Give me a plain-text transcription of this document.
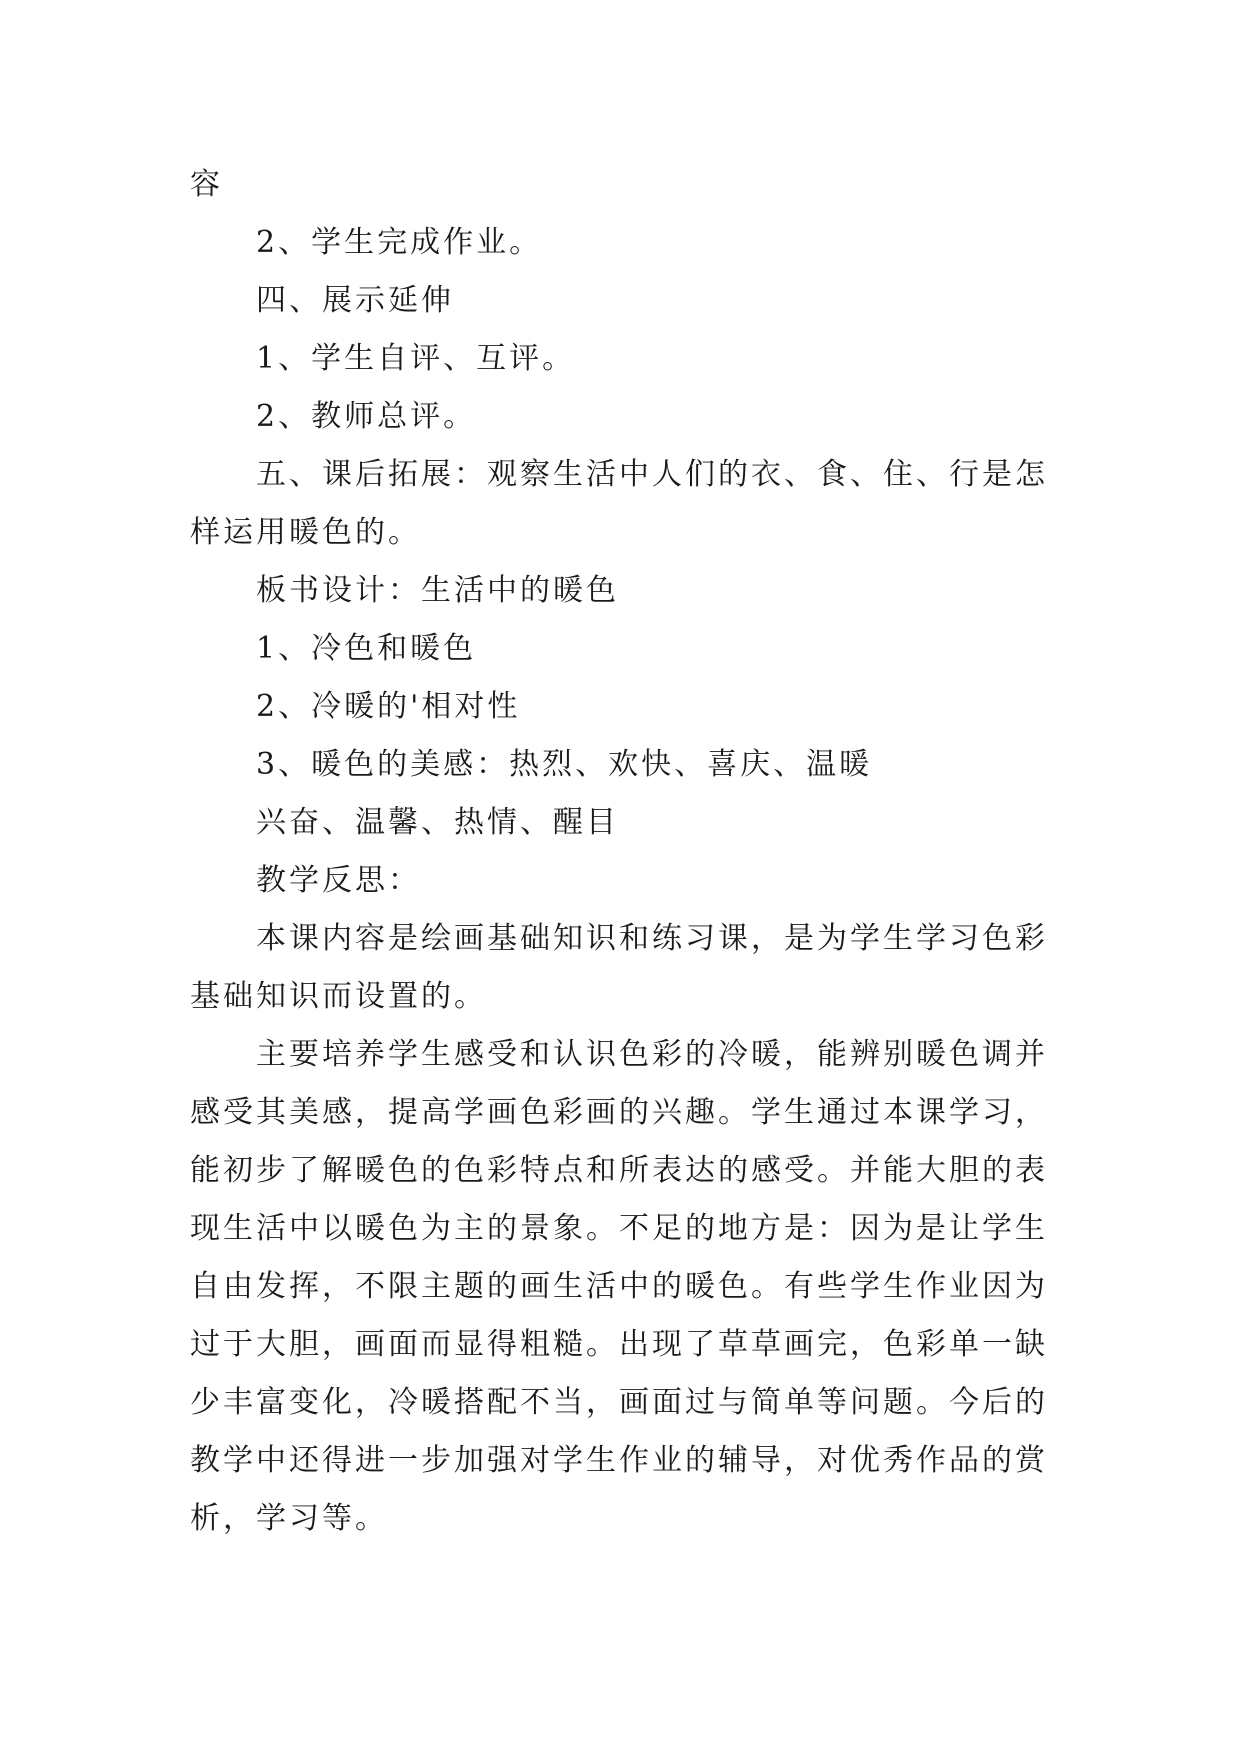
容
2、学生完成作业。
四、展示延伸
1、学生自评、互评。
2、教师总评。
五、课后拓展：观察生活中人们的衣、食、住、行是怎
样运用暖色的。
板书设计：生活中的暖色
1、冷色和暖色
2、冷暖的'相对性
3、暖色的美感：热烈、欢快、喜庆、温暖
兴奋、温馨、热情、醒目
教学反思：
本课内容是绘画基础知识和练习课，是为学生学习色彩
基础知识而设置的。
主要培养学生感受和认识色彩的冷暖，能辨别暖色调并
感受其美感，提高学画色彩画的兴趣。学生通过本课学习，
能初步了解暖色的色彩特点和所表达的感受。并能大胆的表
现生活中以暖色为主的景象。不足的地方是：因为是让学生
自由发挥，不限主题的画生活中的暖色。有些学生作业因为
过于大胆，画面而显得粗糙。出现了草草画完，色彩单一缺
少丰富变化，冷暖搭配不当，画面过与简单等问题。今后的
教学中还得进一步加强对学生作业的辅导，对优秀作品的赏
析，学习等。
